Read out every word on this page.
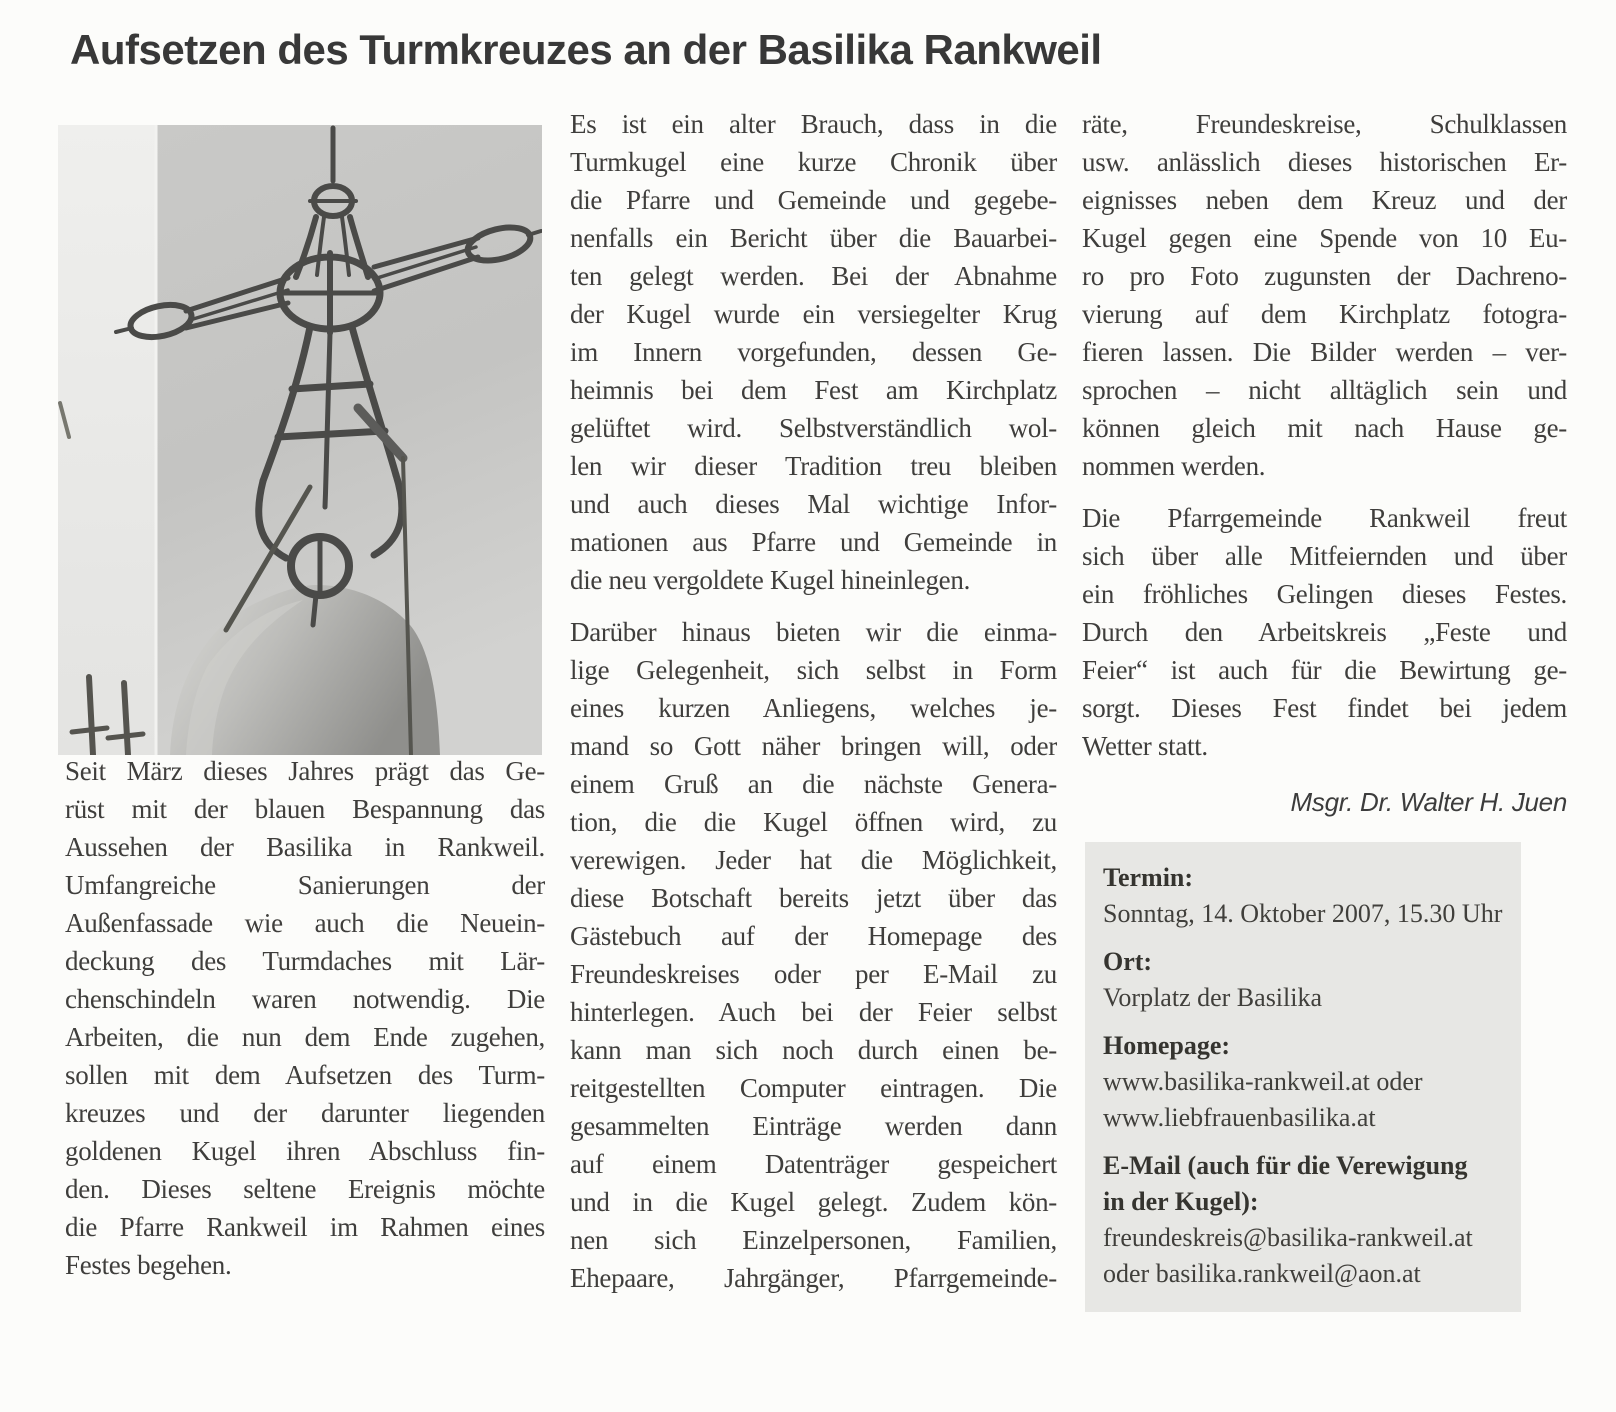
Aufsetzen des Turmkreuzes an der Basilika Rankweil
Seit März dieses Jahres prägt das Ge-
rüst mit der blauen Bespannung das
Aussehen der Basilika in Rankweil.
Umfangreiche Sanierungen der
Außenfassade wie auch die Neuein-
deckung des Turmdaches mit Lär-
chenschindeln waren notwendig. Die
Arbeiten, die nun dem Ende zugehen,
sollen mit dem Aufsetzen des Turm-
kreuzes und der darunter liegenden
goldenen Kugel ihren Abschluss fin-
den. Dieses seltene Ereignis möchte
die Pfarre Rankweil im Rahmen eines
Festes begehen.
Es ist ein alter Brauch, dass in die
Turmkugel eine kurze Chronik über
die Pfarre und Gemeinde und gegebe-
nenfalls ein Bericht über die Bauarbei-
ten gelegt werden. Bei der Abnahme
der Kugel wurde ein versiegelter Krug
im Innern vorgefunden, dessen Ge-
heimnis bei dem Fest am Kirchplatz
gelüftet wird. Selbstverständlich wol-
len wir dieser Tradition treu bleiben
und auch dieses Mal wichtige Infor-
mationen aus Pfarre und Gemeinde in
die neu vergoldete Kugel hineinlegen.
Darüber hinaus bieten wir die einma-
lige Gelegenheit, sich selbst in Form
eines kurzen Anliegens, welches je-
mand so Gott näher bringen will, oder
einem Gruß an die nächste Genera-
tion, die die Kugel öffnen wird, zu
verewigen. Jeder hat die Möglichkeit,
diese Botschaft bereits jetzt über das
Gästebuch auf der Homepage des
Freundeskreises oder per E-Mail zu
hinterlegen. Auch bei der Feier selbst
kann man sich noch durch einen be-
reitgestellten Computer eintragen. Die
gesammelten Einträge werden dann
auf einem Datenträger gespeichert
und in die Kugel gelegt. Zudem kön-
nen sich Einzelpersonen, Familien,
Ehepaare, Jahrgänger, Pfarrgemeinde-
räte, Freundeskreise, Schulklassen
usw. anlässlich dieses historischen Er-
eignisses neben dem Kreuz und der
Kugel gegen eine Spende von 10 Eu-
ro pro Foto zugunsten der Dachreno-
vierung auf dem Kirchplatz fotogra-
fieren lassen. Die Bilder werden – ver-
sprochen – nicht alltäglich sein und
können gleich mit nach Hause ge-
nommen werden.
Die Pfarrgemeinde Rankweil freut
sich über alle Mitfeiernden und über
ein fröhliches Gelingen dieses Festes.
Durch den Arbeitskreis „Feste und
Feier“ ist auch für die Bewirtung ge-
sorgt. Dieses Fest findet bei jedem
Wetter statt.
Msgr. Dr. Walter H. Juen
Termin:
Sonntag, 14. Oktober 2007, 15.30 Uhr
Ort:
Vorplatz der Basilika
Homepage:
www.basilika-rankweil.at oder
www.liebfrauenbasilika.at
E-Mail (auch für die Verewigung
in der Kugel):
freundeskreis@basilika-rankweil.at
oder basilika.rankweil@aon.at
